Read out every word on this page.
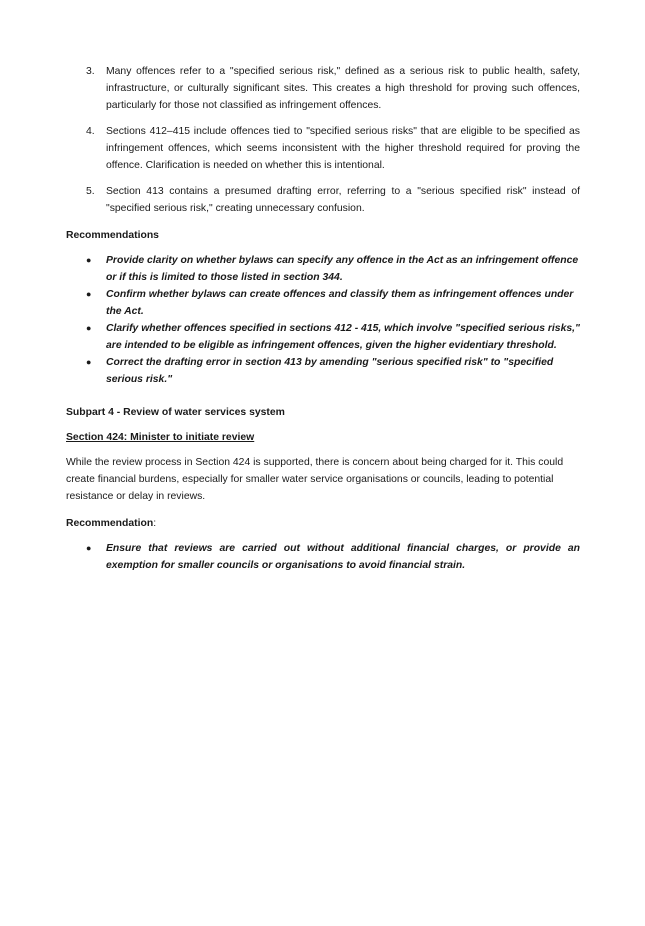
3.	Many offences refer to a "specified serious risk," defined as a serious risk to public health, safety, infrastructure, or culturally significant sites. This creates a high threshold for proving such offences, particularly for those not classified as infringement offences.
4.	Sections 412–415 include offences tied to "specified serious risks" that are eligible to be specified as infringement offences, which seems inconsistent with the higher threshold required for proving the offence. Clarification is needed on whether this is intentional.
5.	Section 413 contains a presumed drafting error, referring to a "serious specified risk" instead of "specified serious risk," creating unnecessary confusion.
Recommendations
●	Provide clarity on whether bylaws can specify any offence in the Act as an infringement offence or if this is limited to those listed in section 344.
●	Confirm whether bylaws can create offences and classify them as infringement offences under the Act.
●	Clarify whether offences specified in sections 412 - 415, which involve "specified serious risks," are intended to be eligible as infringement offences, given the higher evidentiary threshold.
●	Correct the drafting error in section 413 by amending "serious specified risk" to "specified serious risk."
Subpart 4 - Review of water services system
Section 424: Minister to initiate review

While the review process in Section 424 is supported, there is concern about being charged for it. This could create financial burdens, especially for smaller water service organisations or councils, leading to potential resistance or delay in reviews.

Recommendation:
●	Ensure that reviews are carried out without additional financial charges, or provide an exemption for smaller councils or organisations to avoid financial strain.
